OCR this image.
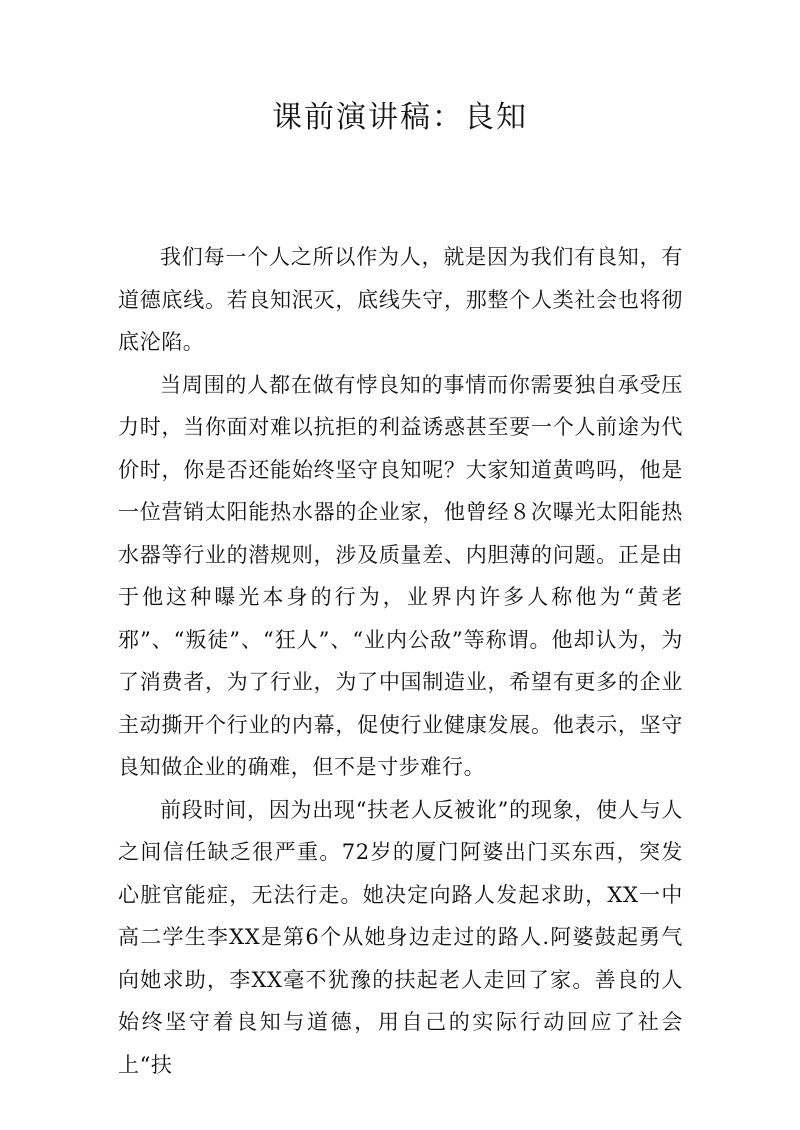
课前演讲稿：良知

我们每一个人之所以作为人，就是因为我们有良知，有道德底线。若良知泯灭，底线失守，那整个人类社会也将彻底沦陷。

当周围的人都在做有悖良知的事情而你需要独自承受压力时，当你面对难以抗拒的利益诱惑甚至要一个人前途为代价时，你是否还能始终坚守良知呢？大家知道黄鸣吗，他是一位营销太阳能热水器的企业家，他曾经８次曝光太阳能热水器等行业的潜规则，涉及质量差、内胆薄的问题。正是由于他这种曝光本身的行为，业界内许多人称他为“黄老邪”、“叛徒”、“狂人”、“业内公敌”等称谓。他却认为，为了消费者，为了行业，为了中国制造业，希望有更多的企业主动撕开个行业的内幕，促使行业健康发展。他表示，坚守良知做企业的确难，但不是寸步难行。

前段时间，因为出现“扶老人反被讹”的现象，使人与人之间信任缺乏很严重。72岁的厦门阿婆出门买东西，突发心脏官能症，无法行走。她决定向路人发起求助，XX一中高二学生李XX是第6个从她身边走过的路人.阿婆鼓起勇气向她求助，李XX毫不犹豫的扶起老人走回了家。善良的人始终坚守着良知与道德，用自己的实际行动回应了社会上“扶
